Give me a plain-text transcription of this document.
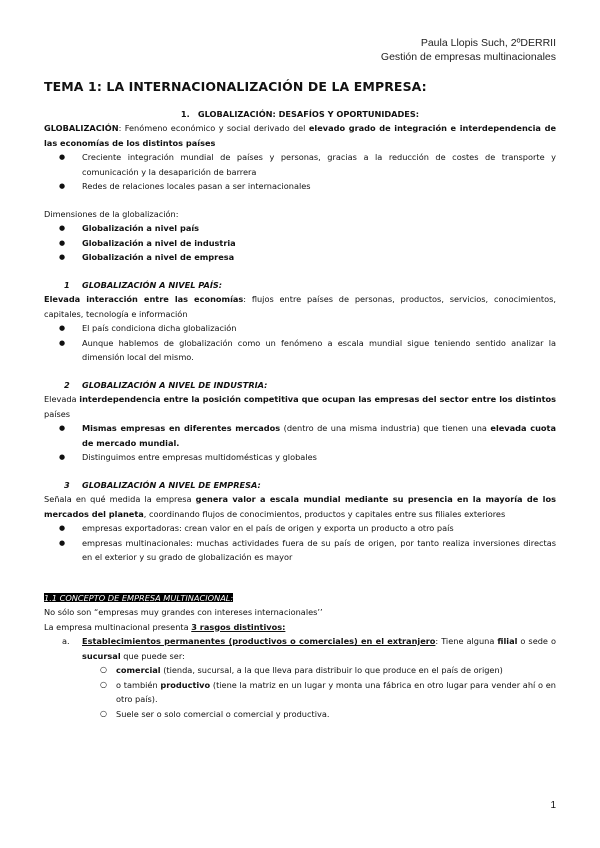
Paula Llopis Such, 2ºDERRII
Gestión de empresas multinacionales
TEMA 1: LA INTERNACIONALIZACIÓN DE LA EMPRESA:
1. GLOBALIZACIÓN: DESAFÍOS Y OPORTUNIDADES:

GLOBALIZACIÓN: Fenómeno económico y social derivado del elevado grado de integración e interdependencia de las economías de los distintos países

● Creciente integración mundial de países y personas, gracias a la reducción de costes de transporte y comunicación y la desaparición de barrera
● Redes de relaciones locales pasan a ser internacionales

Dimensiones de la globalización:

● Globalización a nivel país
● Globalización a nivel de industria
● Globalización a nivel de empresa
1 GLOBALIZACIÓN A NIVEL PAÍS:

Elevada interacción entre las economías: flujos entre países de personas, productos, servicios, conocimientos, capitales, tecnología e información

● El país condiciona dicha globalización
● Aunque hablemos de globalización como un fenómeno a escala mundial sigue teniendo sentido analizar la dimensión local del mismo.
2 GLOBALIZACIÓN A NIVEL DE INDUSTRIA:

Elevada interdependencia entre la posición competitiva que ocupan las empresas del sector entre los distintos países

● Mismas empresas en diferentes mercados (dentro de una misma industria) que tienen una elevada cuota de mercado mundial.
● Distinguimos entre empresas multidomésticas y globales
3 GLOBALIZACIÓN A NIVEL DE EMPRESA:

Señala en qué medida la empresa genera valor a escala mundial mediante su presencia en la mayoría de los mercados del planeta, coordinando flujos de conocimientos, productos y capitales entre sus filiales exteriores

● empresas exportadoras: crean valor en el país de origen y exporta un producto a otro país
● empresas multinacionales: muchas actividades fuera de su país de origen, por tanto realiza inversiones directas en el exterior y su grado de globalización es mayor

1.1 CONCEPTO DE EMPRESA MULTINACIONAL:

No sólo son “empresas muy grandes con intereses internacionales’’

La empresa multinacional presenta 3 rasgos distintivos:

a. Establecimientos permanentes (productivos o comerciales) en el extranjero: Tiene alguna filial o sede o sucursal que puede ser:
○ comercial (tienda, sucursal, a la que lleva para distribuir lo que produce en el país de origen)
○ o también productivo (tiene la matriz en un lugar y monta una fábrica en otro lugar para vender ahí o en otro país).
○ Suele ser o solo comercial o comercial y productiva.
1
